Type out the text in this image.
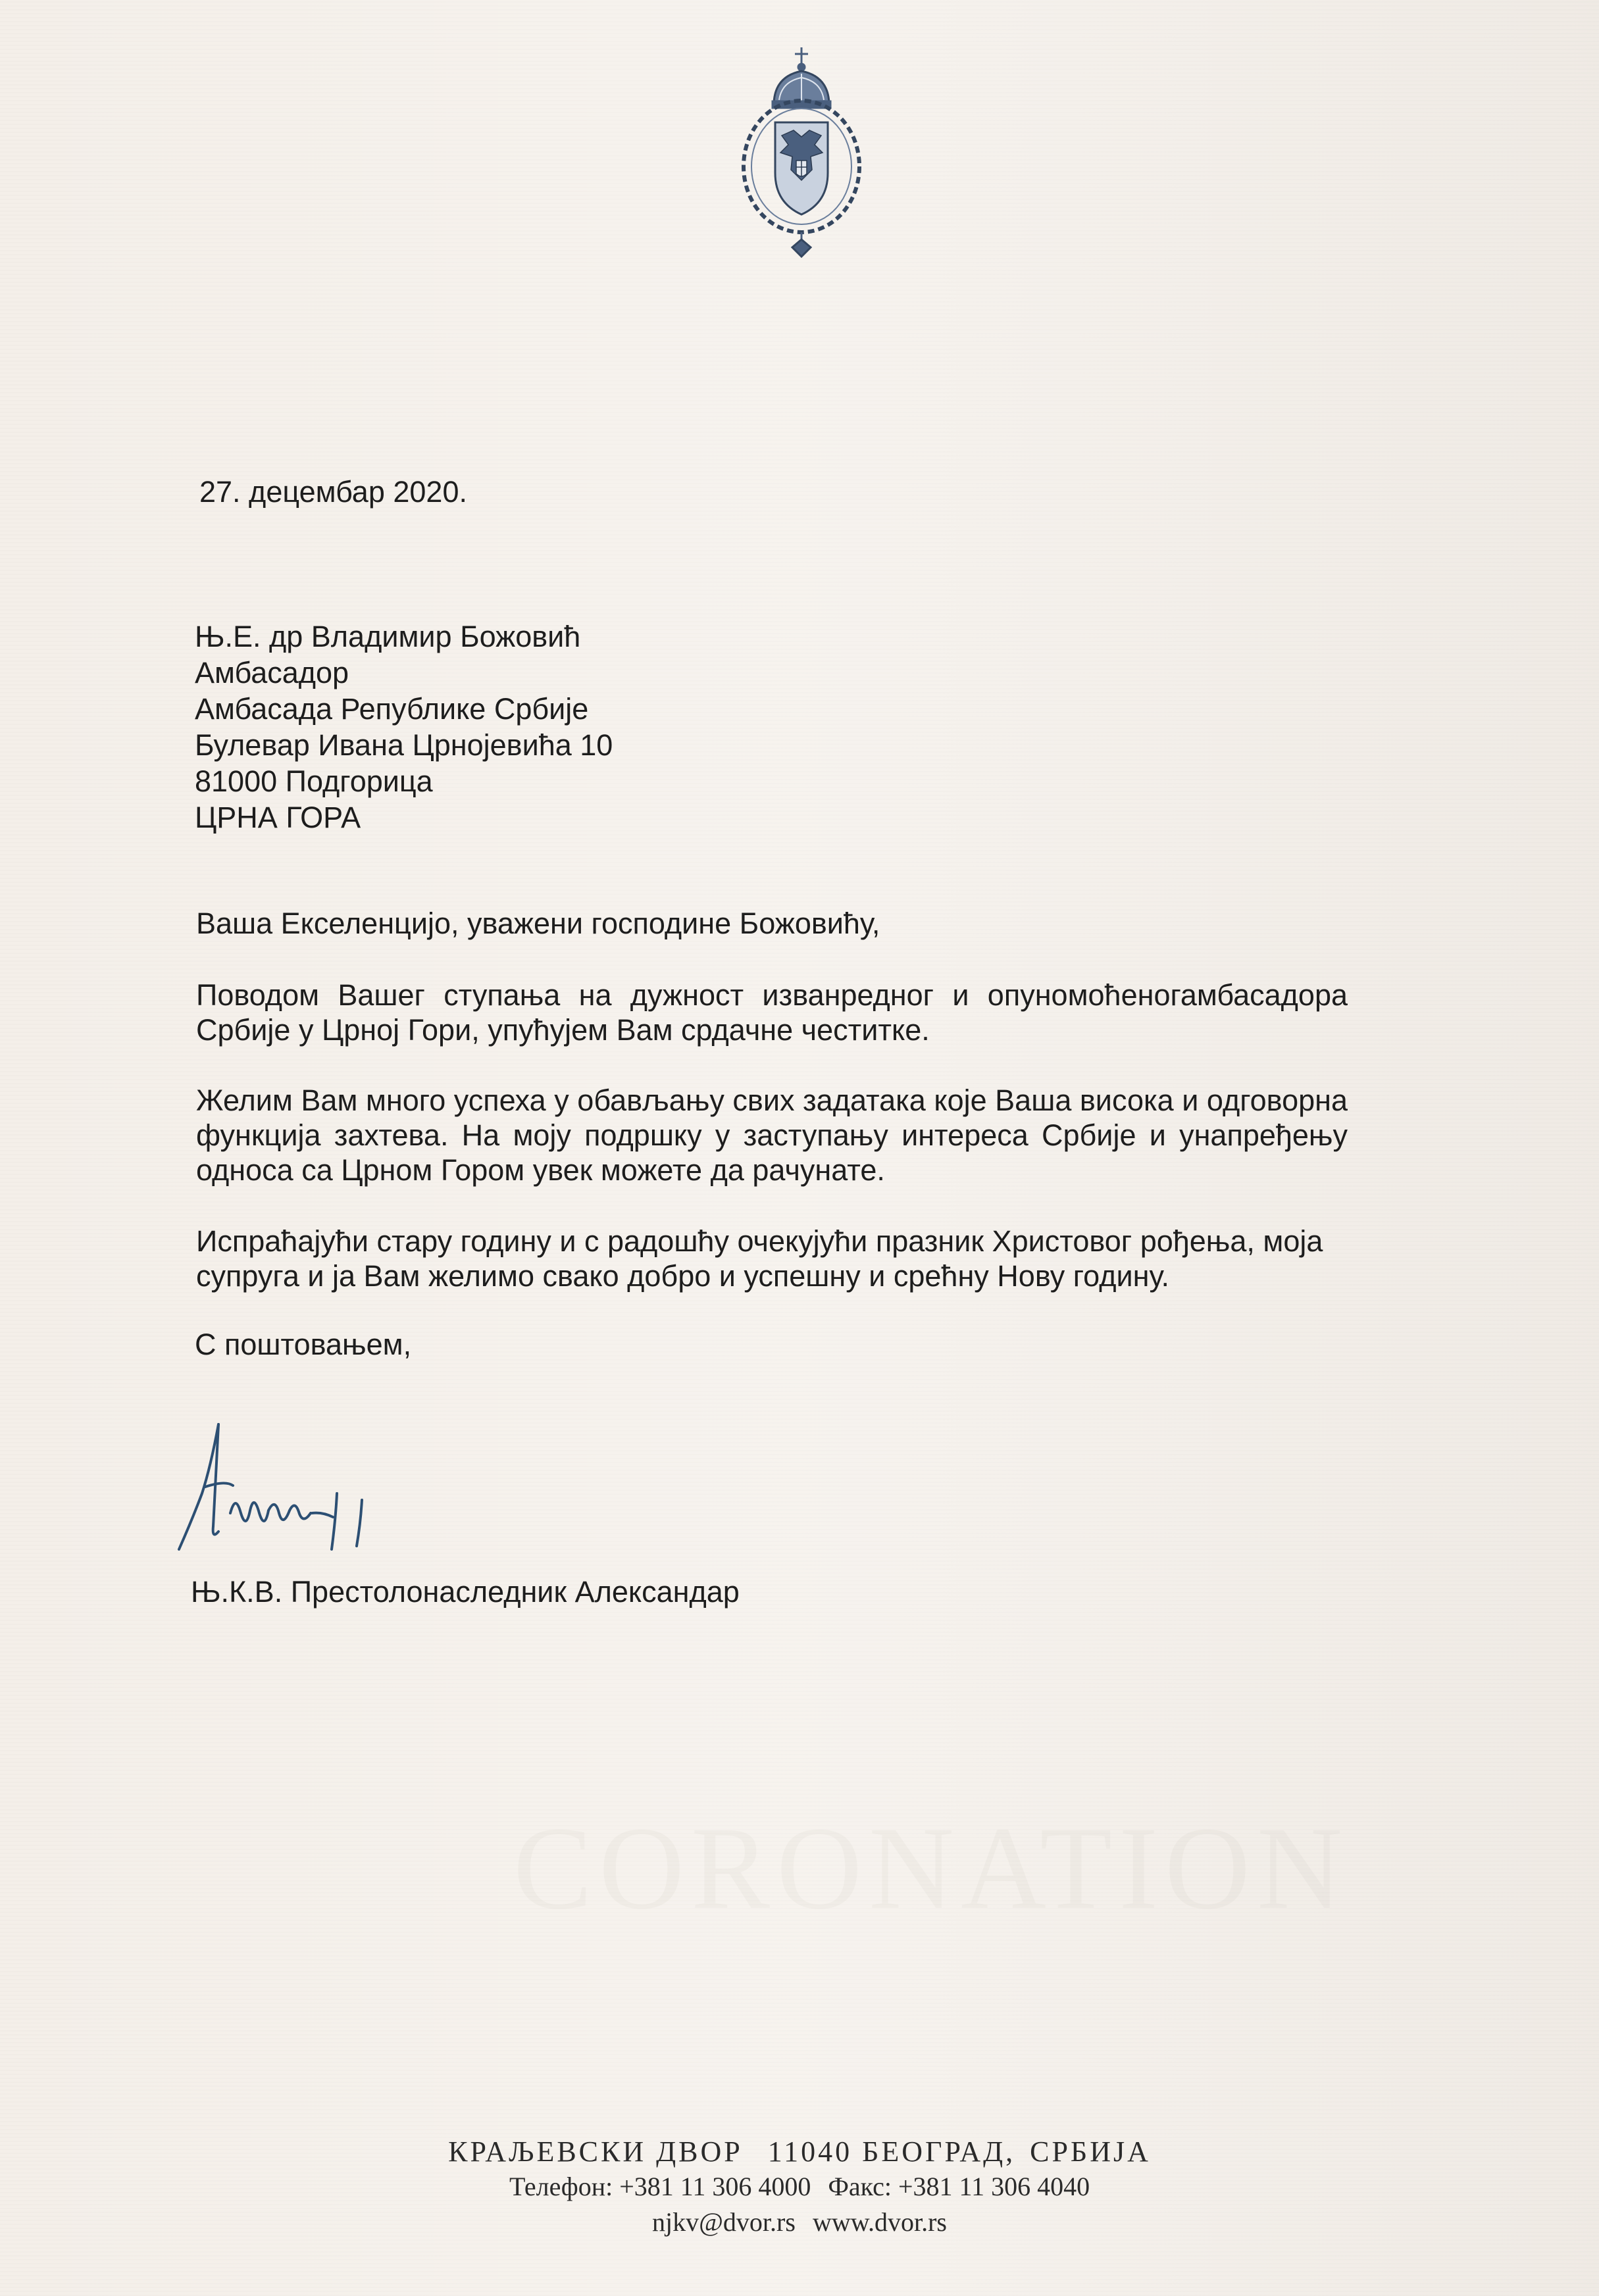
27. децембар 2020.
Њ.Е. др Владимир Божовић
Амбасадор
Амбасада Републике Србије
Булевар Ивана Црнојевића 10
81000 Подгорица
ЦРНА ГОРА
Ваша Екселенцијо, уважени господине Божовићу,
Поводом Вашег ступања на дужност изванредног и опуномоћеногамбасадора Србије у Црној Гори, упућујем Вам срдачне честитке.
Желим Вам много успеха у обављању свих задатака које Ваша висока и одговорна функција захтева. На моју подршку у заступању интереса Србије и унапређењу односа са Црном Гором увек можете да рачунате.
Испраћајући стару годину и с радошћу очекујући празник Христовог рођења, моја супруга и ја Вам желимо свако добро и успешну и срећну Нову годину.
С поштовањем,
Њ.К.В. Престолонаследник Александар
КРАЉЕВСКИ ДВОР 11040 БЕОГРАД, СРБИЈА
Телефон: +381 11 306 4000 Факс: +381 11 306 4040
njkv@dvor.rs www.dvor.rs
